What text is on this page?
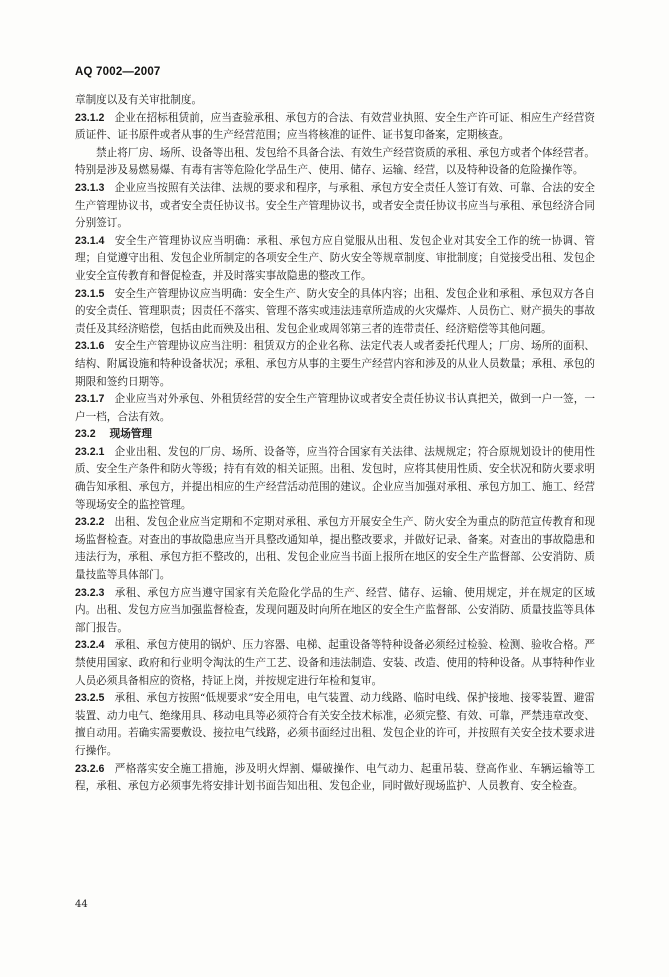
AQ 7002—2007

章制度以及有关审批制度。

23.1.2 企业在招标租赁前，应当查验承租、承包方的合法、有效营业执照、安全生产许可证、相应生产经营资质证件、证书原件或者从事的生产经营范围；应当将核准的证件、证书复印备案，定期核查。

禁止将厂房、场所、设备等出租、发包给不具备合法、有效生产经营资质的承租、承包方或者个体经营者。特别是涉及易燃易爆、有毒有害等危险化学品生产、使用、储存、运输、经营，以及特种设备的危险操作等。

23.1.3 企业应当按照有关法律、法规的要求和程序，与承租、承包方安全责任人签订有效、可靠、合法的安全生产管理协议书，或者安全责任协议书。安全生产管理协议书，或者安全责任协议书应当与承租、承包经济合同分别签订。

23.1.4 安全生产管理协议应当明确：承租、承包方应自觉服从出租、发包企业对其安全工作的统一协调、管理；自觉遵守出租、发包企业所制定的各项安全生产、防火安全等规章制度、审批制度；自觉接受出租、发包企业安全宣传教育和督促检查，并及时落实事故隐患的整改工作。

23.1.5 安全生产管理协议应当明确：安全生产、防火安全的具体内容；出租、发包企业和承租、承包双方各自的安全责任、管理职责；因责任不落实、管理不落实或违法违章所造成的火灾爆炸、人员伤亡、财产损失的事故责任及其经济赔偿，包括由此而殃及出租、发包企业或周邻第三者的连带责任、经济赔偿等其他问题。

23.1.6 安全生产管理协议应当注明：租赁双方的企业名称、法定代表人或者委托代理人；厂房、场所的面积、结构、附属设施和特种设备状况；承租、承包方从事的主要生产经营内容和涉及的从业人员数量；承租、承包的期限和签约日期等。

23.1.7 企业应当对外承包、外租赁经营的安全生产管理协议或者安全责任协议书认真把关，做到一户一签，一户一档，合法有效。

23.2 现场管理

23.2.1 企业出租、发包的厂房、场所、设备等，应当符合国家有关法律、法规规定；符合原规划设计的使用性质、安全生产条件和防火等级；持有有效的相关证照。出租、发包时，应将其使用性质、安全状况和防火要求明确告知承租、承包方，并提出相应的生产经营活动范围的建议。企业应当加强对承租、承包方加工、施工、经营等现场安全的监控管理。

23.2.2 出租、发包企业应当定期和不定期对承租、承包方开展安全生产、防火安全为重点的防范宣传教育和现场监督检查。对查出的事故隐患应当开具整改通知单，提出整改要求，并做好记录、备案。对查出的事故隐患和违法行为，承租、承包方拒不整改的，出租、发包企业应当书面上报所在地区的安全生产监督部、公安消防、质量技监等具体部门。

23.2.3 承租、承包方应当遵守国家有关危险化学品的生产、经营、储存、运输、使用规定，并在规定的区域内。出租、发包方应当加强监督检查，发现问题及时向所在地区的安全生产监督部、公安消防、质量技监等具体部门报告。

23.2.4 承租、承包方使用的锅炉、压力容器、电梯、起重设备等特种设备必须经过检验、检测、验收合格。严禁使用国家、政府和行业明令淘汰的生产工艺、设备和违法制造、安装、改造、使用的特种设备。从事特种作业人员必须具备相应的资格，持证上岗，并按规定进行年检和复审。

23.2.5 承租、承包方按照“低规要求”安全用电，电气装置、动力线路、临时电线、保护接地、接零装置、避雷装置、动力电气、绝缘用具、移动电具等必须符合有关安全技术标准，必须完整、有效、可靠，严禁违章改变、擅自动用。若确实需要敷设、接拉电气线路，必须书面经过出租、发包企业的许可，并按照有关安全技术要求进行操作。

23.2.6 严格落实安全施工措施，涉及明火焊割、爆破操作、电气动力、起重吊装、登高作业、车辆运输等工程，承租、承包方必须事先将安排计划书面告知出租、发包企业，同时做好现场监护、人员教育、安全检查。

44
